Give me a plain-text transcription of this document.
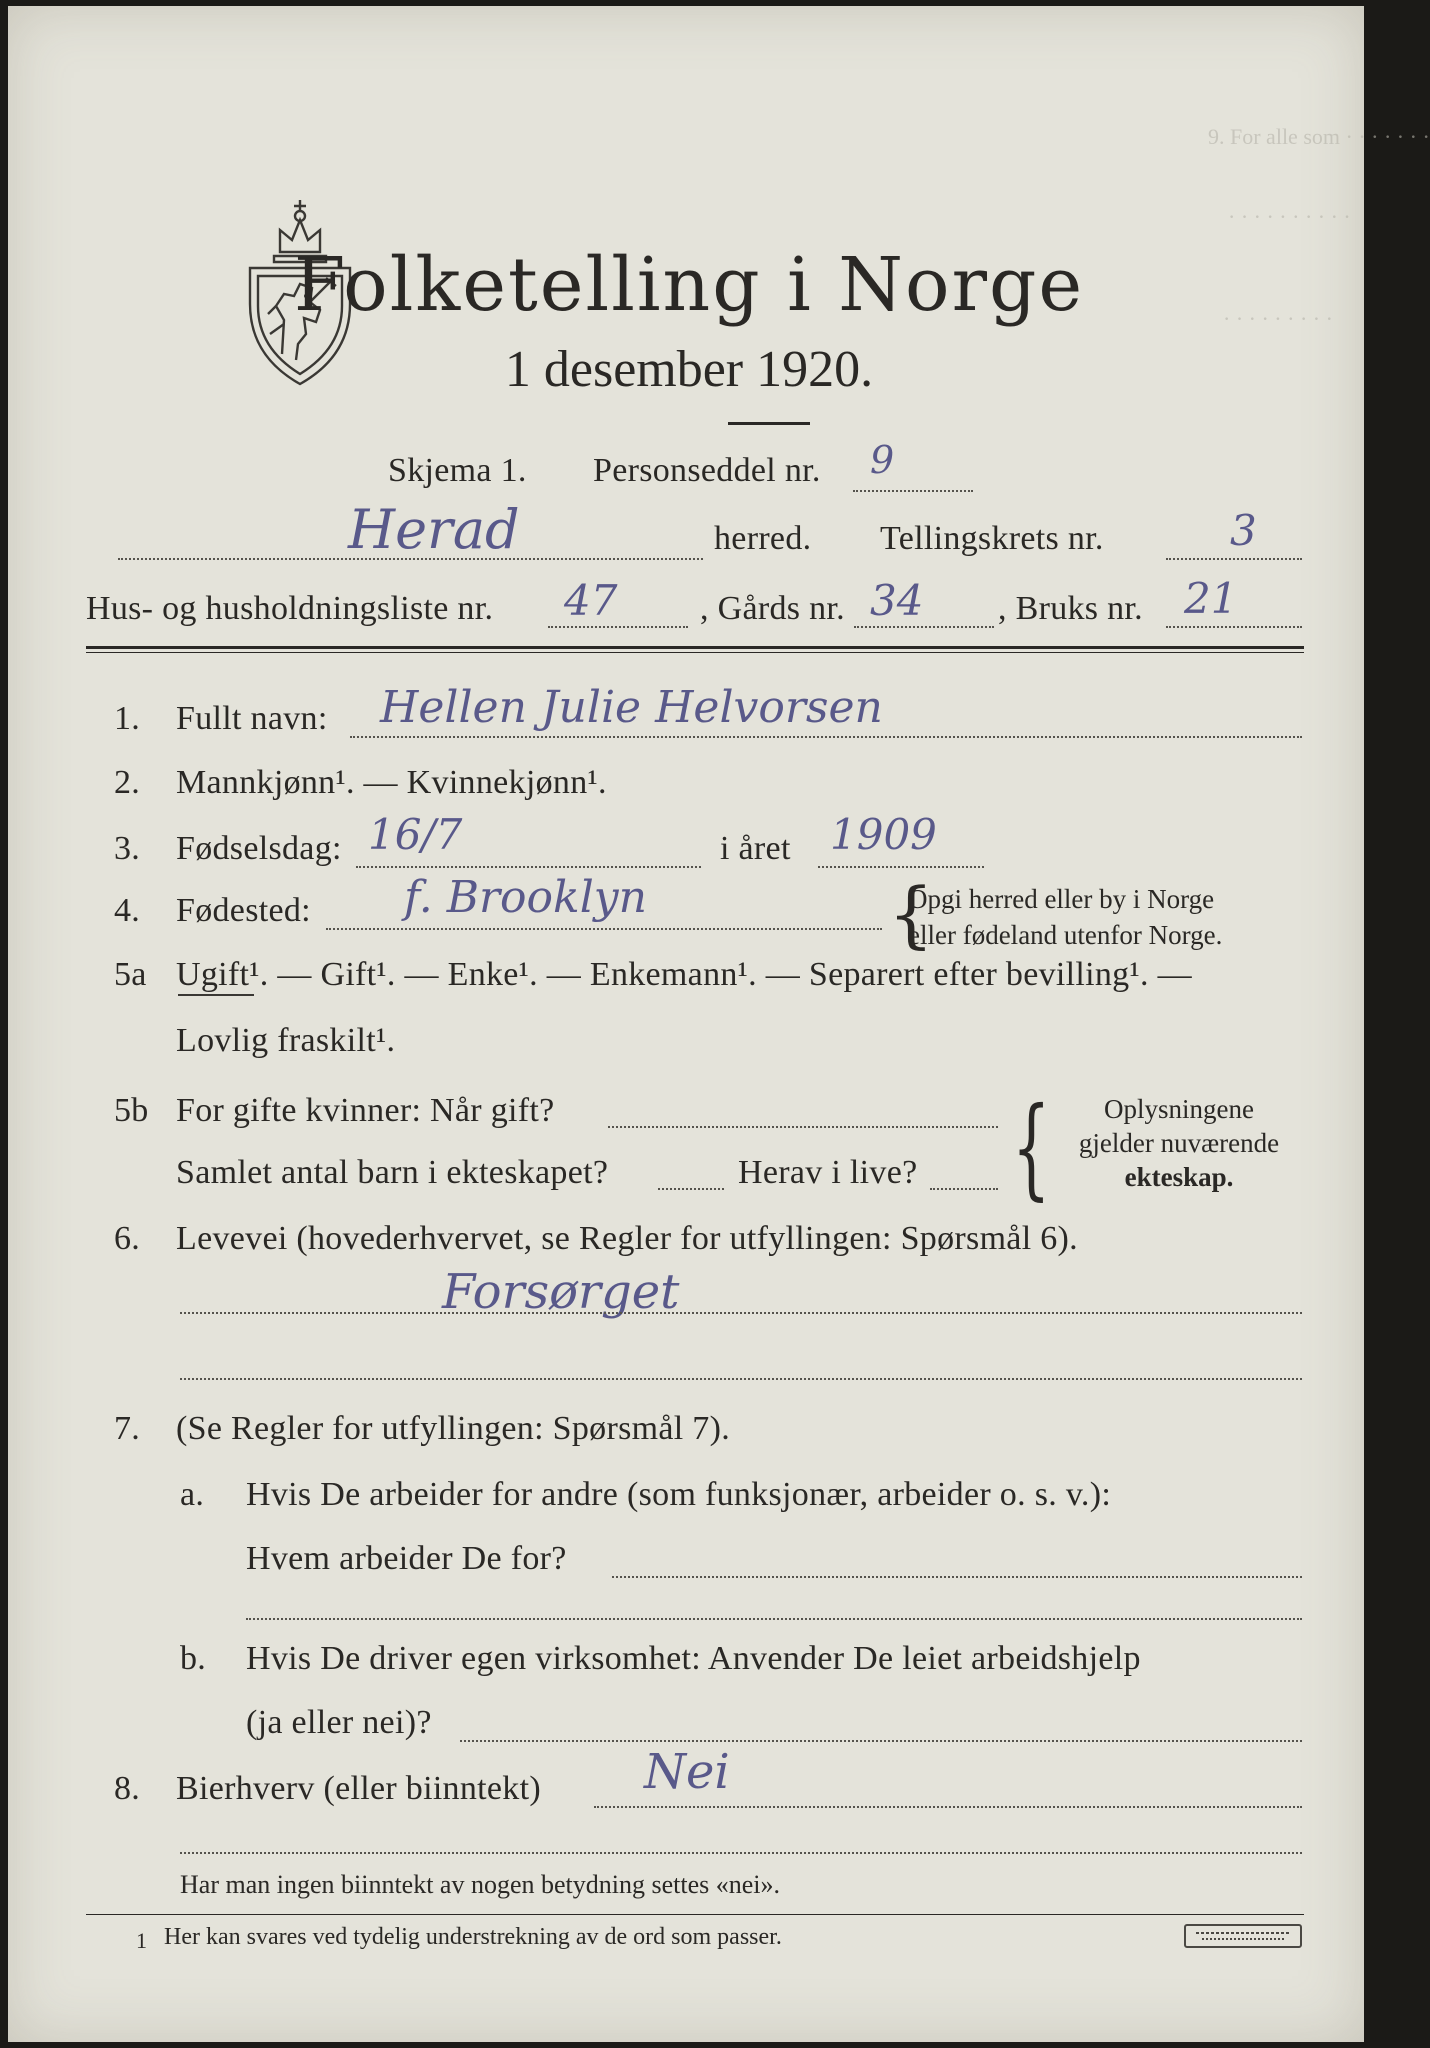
9. For alle som · · · · · · ·
· · · · · · · · · ·
· · · · · · · · ·
Folketelling i Norge
1 desember 1920.
Skjema 1. Personseddel nr. 9
Herad	herred. Tellingskrets nr.	3
Hus- og husholdningsliste nr. 47 , Gårds nr. 34 , Bruks nr. 21
1. Fullt navn: Hellen Julie Helvorsen
2. Mannkjønn¹. — Kvinnekjønn¹.
3. Fødselsdag: 16/7	i året 1909
4. Fødested: f. Brooklyn	{
Opgi herred eller by i Norge
eller fødeland utenfor Norge.
5a Ugift¹. — Gift¹. — Enke¹. — Enkemann¹. — Separert efter bevilling¹. —
Lovlig fraskilt¹.
5b For gifte kvinner: Når gift?
Samlet antal barn i ekteskapet?	Herav i live? {	Oplysningene
gjelder nuværende
ekteskap.
6. Levevei (hovederhvervet, se Regler for utfyllingen: Spørsmål 6).
Forsørget
7. (Se Regler for utfyllingen: Spørsmål 7).
a. Hvis De arbeider for andre (som funksjonær, arbeider o. s. v.):
Hvem arbeider De for?
b. Hvis De driver egen virksomhet: Anvender De leiet arbeidshjelp
(ja eller nei)?
8. Bierhverv (eller biinntekt) Nei
Har man ingen biinntekt av nogen betydning settes «nei».
1 Her kan svares ved tydelig understrekning av de ord som passer.
